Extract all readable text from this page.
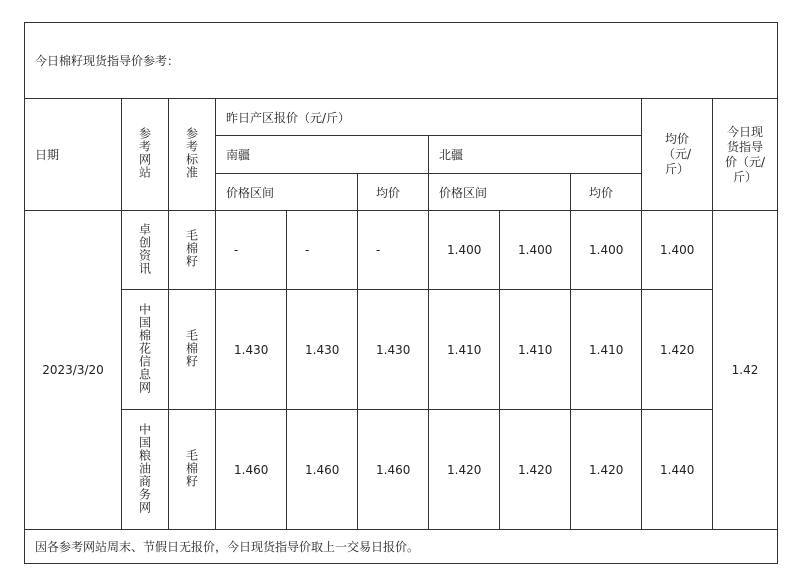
今日棉籽现货指导价参考：										
日期	参考网站	参考标准	昨日产区报价（元/斤）						均价（元/斤）	今日现货指导价（元/斤）
			南疆			北疆				
			价格区间		均价	价格区间		均价		
2023/3/20	卓创资讯	毛棉籽	-	-	-	1.400	1.400	1.400	1.400	1.42
	中国棉花信息网	毛棉籽	1.430	1.430	1.430	1.410	1.410	1.410	1.420	
	中国粮油商务网	毛棉籽	1.460	1.460	1.460	1.420	1.420	1.420	1.440	
因各参考网站周末、节假日无报价，今日现货指导价取上一交易日报价。										
